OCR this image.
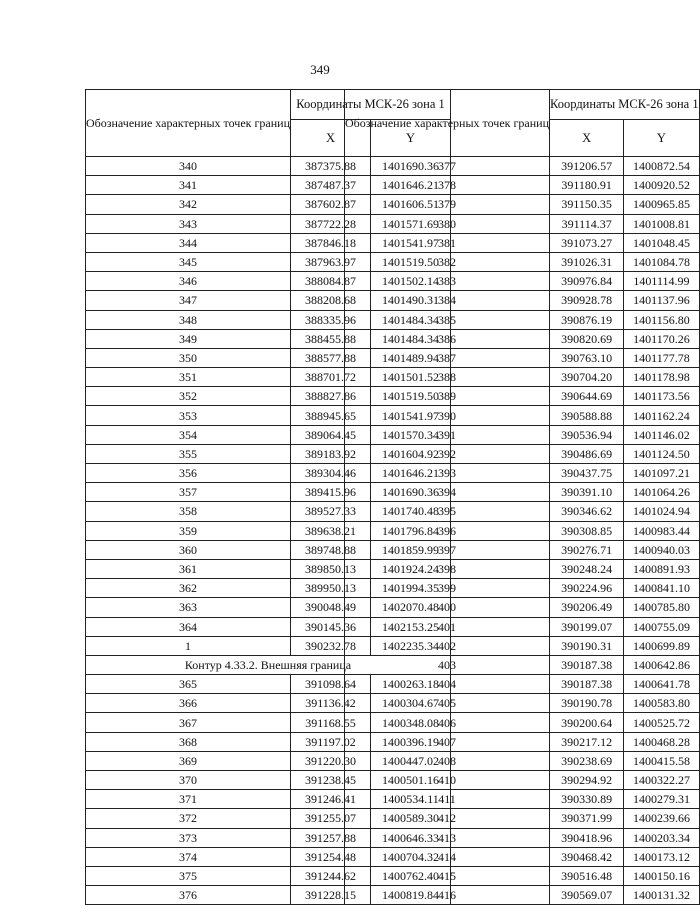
349
Обозначение характерных точек границ	Координаты МСК-26 зона 1	
	X	Y
340	387375.88	1401690.36
341	387487.37	1401646.21
342	387602.87	1401606.51
343	387722.28	1401571.69
344	387846.18	1401541.97
345	387963.97	1401519.50
346	388084.87	1401502.14
347	388208.68	1401490.31
348	388335.96	1401484.34
349	388455.88	1401484.34
350	388577.88	1401489.94
351	388701.72	1401501.52
352	388827.86	1401519.50
353	388945.65	1401541.97
354	389064.45	1401570.34
355	389183.92	1401604.92
356	389304.46	1401646.21
357	389415.96	1401690.36
358	389527.33	1401740.48
359	389638.21	1401796.84
360	389748.88	1401859.99
361	389850.13	1401924.24
362	389950.13	1401994.35
363	390048.49	1402070.48
364	390145.36	1402153.25
1	390232.78	1402235.34
Контур 4.33.2. Внешняя граница		
365	391098.64	1400263.18
366	391136.42	1400304.67
367	391168.55	1400348.08
368	391197.02	1400396.19
369	391220.30	1400447.02
370	391238.45	1400501.16
371	391246.41	1400534.11
372	391255.07	1400589.30
373	391257.88	1400646.33
374	391254.48	1400704.32
375	391244.62	1400762.40
376	391228.15	1400819.84
Обозначение характерных точек границ	Координаты МСК-26 зона 1	
	X	Y
377	391206.57	1400872.54
378	391180.91	1400920.52
379	391150.35	1400965.85
380	391114.37	1401008.81
381	391073.27	1401048.45
382	391026.31	1401084.78
383	390976.84	1401114.99
384	390928.78	1401137.96
385	390876.19	1401156.80
386	390820.69	1401170.26
387	390763.10	1401177.78
388	390704.20	1401178.98
389	390644.69	1401173.56
390	390588.88	1401162.24
391	390536.94	1401146.02
392	390486.69	1401124.50
393	390437.75	1401097.21
394	390391.10	1401064.26
395	390346.62	1401024.94
396	390308.85	1400983.44
397	390276.71	1400940.03
398	390248.24	1400891.93
399	390224.96	1400841.10
400	390206.49	1400785.80
401	390199.07	1400755.09
402	390190.31	1400699.89
403	390187.38	1400642.86
404	390187.38	1400641.78
405	390190.78	1400583.80
406	390200.64	1400525.72
407	390217.12	1400468.28
408	390238.69	1400415.58
410	390294.92	1400322.27
411	390330.89	1400279.31
412	390371.99	1400239.66
413	390418.96	1400203.34
414	390468.42	1400173.12
415	390516.48	1400150.16
416	390569.07	1400131.32
